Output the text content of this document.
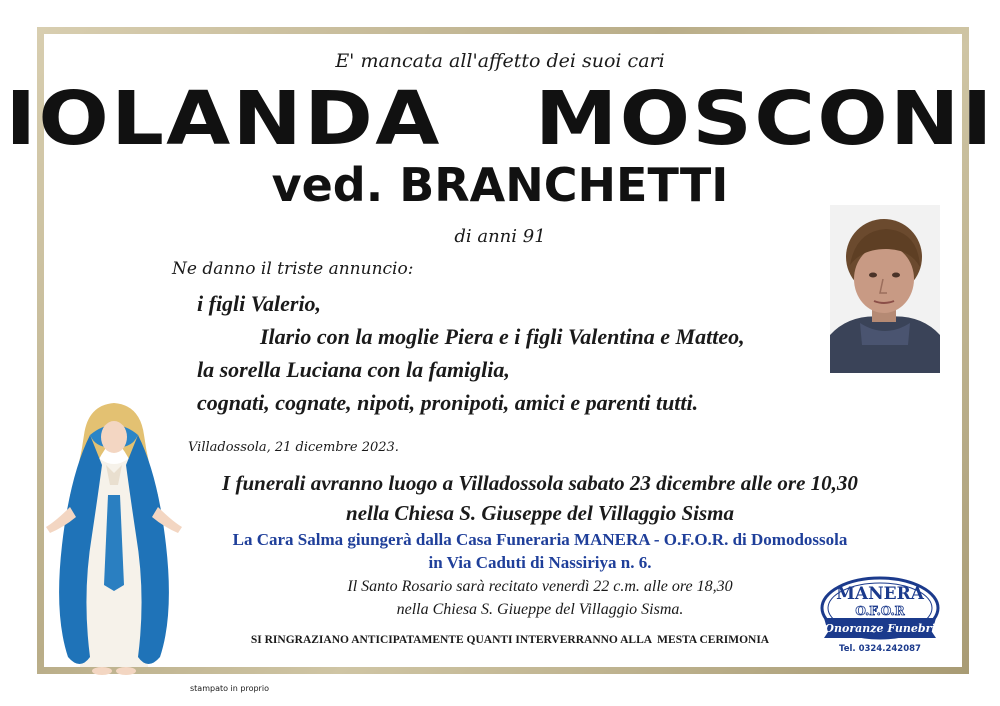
E' mancata all'affetto dei suoi cari
IOLANDA   MOSCONI
ved. BRANCHETTI
di anni 91
Ne danno il triste annuncio:
i figli Valerio,
Ilario con la moglie Piera e i figli Valentina e Matteo,
la sorella Luciana con la famiglia,
cognati, cognate, nipoti, pronipoti, amici e parenti tutti.
Villadossola, 21 dicembre 2023.
I funerali avranno luogo a Villadossola sabato 23 dicembre alle ore 10,30
nella Chiesa S. Giuseppe del Villaggio Sisma
La Cara Salma giungerà dalla Casa Funeraria MANERA - O.F.O.R. di Domodossola
in Via Caduti di Nassiriya n. 6.
Il Santo Rosario sarà recitato venerdì 22 c.m. alle ore 18,30
nella Chiesa S. Giueppe del Villaggio Sisma.
SI RINGRAZIANO ANTICIPATAMENTE QUANTI INTERVERRANNO ALLA  MESTA CERIMONIA
stampato in proprio
MANERA
O.F.O.R
Onoranze Funebri
Tel. 0324.242087
